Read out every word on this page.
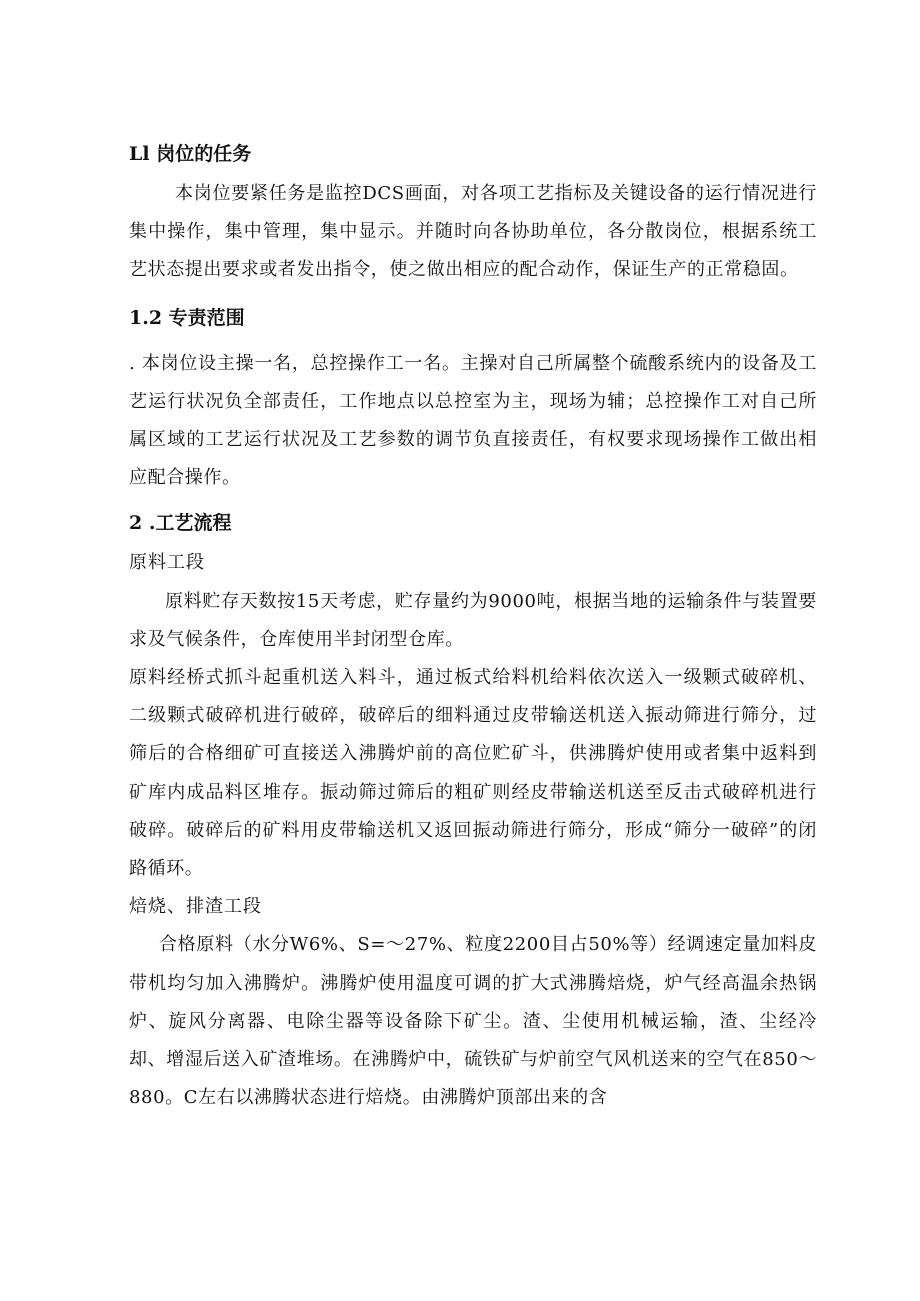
Ll 岗位的任务

本岗位要紧任务是监控DCS画面，对各项工艺指标及关键设备的运行情况进行集中操作，集中管理，集中显示。并随时向各协助单位，各分散岗位，根据系统工艺状态提出要求或者发出指令，使之做出相应的配合动作，保证生产的正常稳固。

1.2 专责范围

. 本岗位设主操一名，总控操作工一名。主操对自己所属整个硫酸系统内的设备及工艺运行状况负全部责任，工作地点以总控室为主，现场为辅；总控操作工对自己所属区域的工艺运行状况及工艺参数的调节负直接责任，有权要求现场操作工做出相应配合操作。

2 .工艺流程

原料工段

原料贮存天数按15天考虑，贮存量约为9000吨，根据当地的运输条件与装置要求及气候条件，仓库使用半封闭型仓库。

原料经桥式抓斗起重机送入料斗，通过板式给料机给料依次送入一级颗式破碎机、二级颗式破碎机进行破碎，破碎后的细料通过皮带输送机送入振动筛进行筛分，过筛后的合格细矿可直接送入沸腾炉前的高位贮矿斗，供沸腾炉使用或者集中返料到矿库内成品料区堆存。振动筛过筛后的粗矿则经皮带输送机送至反击式破碎机进行破碎。破碎后的矿料用皮带输送机又返回振动筛进行筛分，形成“筛分一破碎”的闭路循环。

焙烧、排渣工段

合格原料（水分W6%、S=〜27%、粒度2200目占50%等）经调速定量加料皮带机均匀加入沸腾炉。沸腾炉使用温度可调的扩大式沸腾焙烧，炉气经高温余热锅炉、旋风分离器、电除尘器等设备除下矿尘。渣、尘使用机械运输，渣、尘经冷却、增湿后送入矿渣堆场。在沸腾炉中，硫铁矿与炉前空气风机送来的空气在850〜880。C左右以沸腾状态进行焙烧。由沸腾炉顶部出来的含
